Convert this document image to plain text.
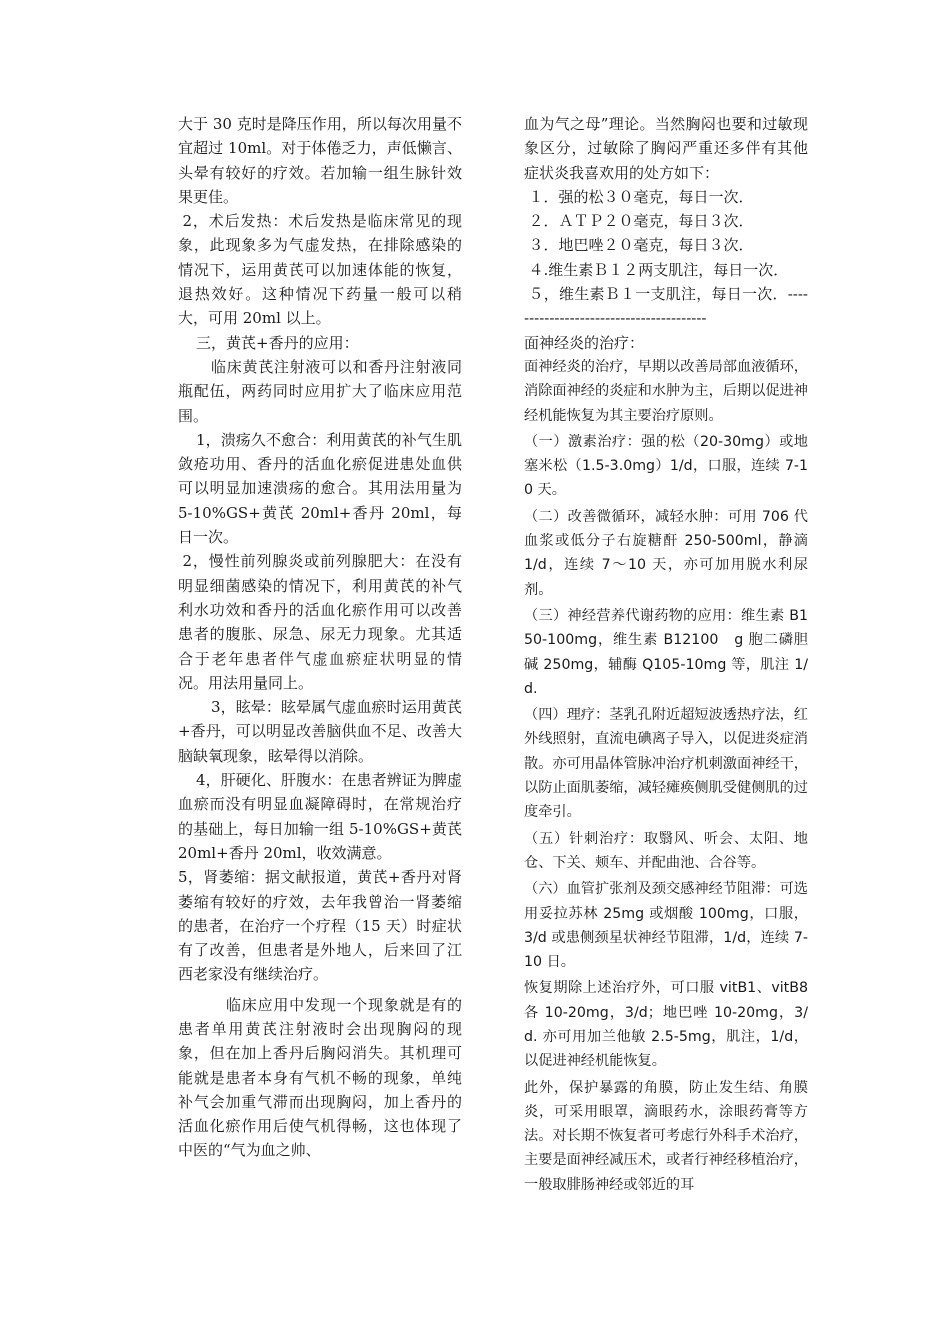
大于 30 克时是降压作用，所以每次用量不宜超过 10ml。对于体倦乏力，声低懒言、头晕有较好的疗效。若加输一组生脉针效果更佳。

2，术后发热：术后发热是临床常见的现象，此现象多为气虚发热，在排除感染的情况下，运用黄芪可以加速体能的恢复，退热效好。这种情况下药量一般可以稍大，可用 20ml 以上。

三，黄芪+香丹的应用：

临床黄芪注射液可以和香丹注射液同瓶配伍，两药同时应用扩大了临床应用范围。

1，溃疡久不愈合：利用黄芪的补气生肌敛疮功用、香丹的活血化瘀促进患处血供可以明显加速溃疡的愈合。其用法用量为 5-10%GS+黄芪 20ml+香丹 20ml，每日一次。

2，慢性前列腺炎或前列腺肥大：在没有明显细菌感染的情况下，利用黄芪的补气利水功效和香丹的活血化瘀作用可以改善患者的腹胀、尿急、尿无力现象。尤其适合于老年患者伴气虚血瘀症状明显的情况。用法用量同上。

3，眩晕：眩晕属气虚血瘀时运用黄芪+香丹，可以明显改善脑供血不足、改善大脑缺氧现象，眩晕得以消除。

4，肝硬化、肝腹水：在患者辨证为脾虚血瘀而没有明显血凝障碍时，在常规治疗的基础上，每日加输一组 5-10%GS+黄芪 20ml+香丹 20ml，收效满意。

5，肾萎缩：据文献报道，黄芪+香丹对肾萎缩有较好的疗效，去年我曾治一肾萎缩的患者，在治疗一个疗程（15 天）时症状有了改善，但患者是外地人，后来回了江西老家没有继续治疗。

临床应用中发现一个现象就是有的患者单用黄芪注射液时会出现胸闷的现象，但在加上香丹后胸闷消失。其机理可能就是患者本身有气机不畅的现象，单纯补气会加重气滞而出现胸闷，加上香丹的活血化瘀作用后使气机得畅，这也体现了中医的“气为血之帅、

血为气之母”理论。当然胸闷也要和过敏现象区分，过敏除了胸闷严重还多伴有其他症状炎我喜欢用的处方如下：

１．强的松３０毫克，每日一次．

２．ＡＴＰ２０毫克，每日３次．

３．地巴唑２０毫克，每日３次．

４.维生素Ｂ１２两支肌注，每日一次．

５，维生素Ｂ１一支肌注，每日一次．----------------------------------------

面神经炎的治疗：

面神经炎的治疗，早期以改善局部血液循环，消除面神经的炎症和水肿为主，后期以促进神经机能恢复为其主要治疗原则。

（一）激素治疗：强的松（20-30mg）或地塞米松（1.5-3.0mg）1/d，口服，连续 7-10 天。

（二）改善微循环，减轻水肿：可用 706 代血浆或低分子右旋糖酐 250-500ml，静滴 1/d，连续 7～10 天，亦可加用脱水利尿剂。

（三）神经营养代谢药物的应用：维生素 B150-100mg，维生素 B12100　g 胞二磷胆碱 250mg，辅酶 Q105-10mg 等，肌注 1/d.

（四）理疗：茎乳孔附近超短波透热疗法，红外线照射，直流电碘离子导入，以促进炎症消散。亦可用晶体管脉冲治疗机刺激面神经干，以防止面肌萎缩，减轻瘫痪侧肌受健侧肌的过度牵引。

（五）针刺治疗：取翳风、听会、太阳、地仓、下关、颊车、并配曲池、合谷等。

（六）血管扩张剂及颈交感神经节阻滞：可选用妥拉苏林 25mg 或烟酸 100mg，口服，3/d 或患侧颈星状神经节阻滞，1/d，连续 7-10 日。

恢复期除上述治疗外，可口服 vitB1、vitB8 各 10-20mg，3/d；地巴唑 10-20mg，3/d. 亦可用加兰他敏 2.5-5mg，肌注，1/d，以促进神经机能恢复。

此外，保护暴露的角膜，防止发生结、角膜炎，可采用眼罩，滴眼药水，涂眼药膏等方法。对长期不恢复者可考虑行外科手术治疗，主要是面神经减压术，或者行神经移植治疗，一般取腓肠神经或邻近的耳
